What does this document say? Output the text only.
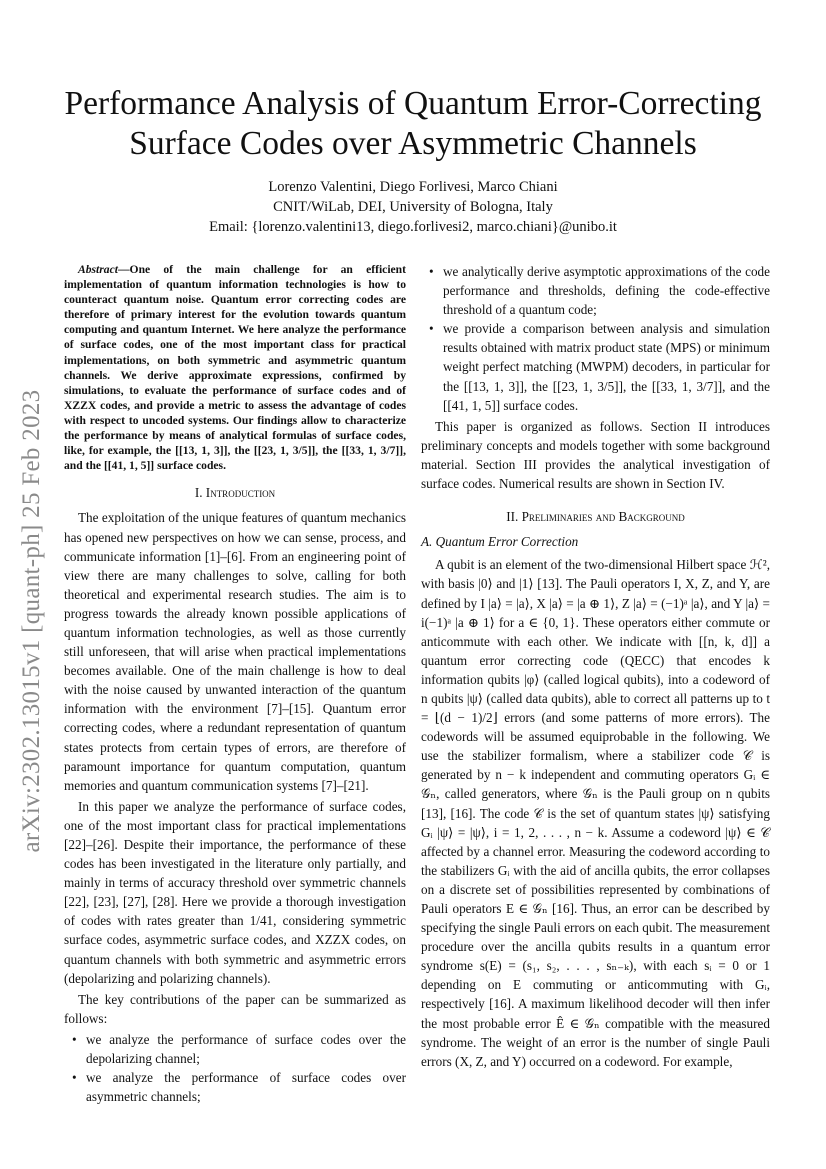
arXiv:2302.13015v1 [quant-ph] 25 Feb 2023
Performance Analysis of Quantum Error-Correcting
Surface Codes over Asymmetric Channels
Lorenzo Valentini, Diego Forlivesi, Marco Chiani
CNIT/WiLab, DEI, University of Bologna, Italy
Email: {lorenzo.valentini13, diego.forlivesi2, marco.chiani}@unibo.it
Abstract—One of the main challenge for an efficient implementation of quantum information technologies is how to counteract quantum noise. Quantum error correcting codes are therefore of primary interest for the evolution towards quantum computing and quantum Internet. We here analyze the performance of surface codes, one of the most important class for practical implementations, on both symmetric and asymmetric quantum channels. We derive approximate expressions, confirmed by simulations, to evaluate the performance of surface codes and of XZZX codes, and provide a metric to assess the advantage of codes with respect to uncoded systems. Our findings allow to characterize the performance by means of analytical formulas of surface codes, like, for example, the [[13, 1, 3]], the [[23, 1, 3/5]], the [[33, 1, 3/7]], and the [[41, 1, 5]] surface codes.
I. Introduction

The exploitation of the unique features of quantum mechanics has opened new perspectives on how we can sense, process, and communicate information [1]–[6]. From an engineering point of view there are many challenges to solve, calling for both theoretical and experimental research studies. The aim is to progress towards the already known possible applications of quantum information technologies, as well as those currently still unforeseen, that will arise when practical implementations becomes available. One of the main challenge is how to deal with the noise caused by unwanted interaction of the quantum information with the environment [7]–[15]. Quantum error correcting codes, where a redundant representation of quantum states protects from certain types of errors, are therefore of paramount importance for quantum computation, quantum memories and quantum communication systems [7]–[21].

In this paper we analyze the performance of surface codes, one of the most important class for practical implementations [22]–[26]. Despite their importance, the performance of these codes has been investigated in the literature only partially, and mainly in terms of accuracy threshold over symmetric channels [22], [23], [27], [28]. Here we provide a thorough investigation of codes with rates greater than 1/41, considering symmetric surface codes, asymmetric surface codes, and XZZX codes, on quantum channels with both symmetric and asymmetric errors (depolarizing and polarizing channels).

The key contributions of the paper can be summarized as follows:

• we analyze the performance of surface codes over the depolarizing channel;
• we analyze the performance of surface codes over asymmetric channels;
• we analytically derive asymptotic approximations of the code performance and thresholds, defining the code-effective threshold of a quantum code;
• we provide a comparison between analysis and simulation results obtained with matrix product state (MPS) or minimum weight perfect matching (MWPM) decoders, in particular for the [[13, 1, 3]], the [[23, 1, 3/5]], the [[33, 1, 3/7]], and the [[41, 1, 5]] surface codes.

This paper is organized as follows. Section II introduces preliminary concepts and models together with some background material. Section III provides the analytical investigation of surface codes. Numerical results are shown in Section IV.

II. Preliminaries and Background
A. Quantum Error Correction

A qubit is an element of the two-dimensional Hilbert space ℋ², with basis |0⟩ and |1⟩ [13]. The Pauli operators I, X, Z, and Y, are defined by I |a⟩ = |a⟩, X |a⟩ = |a ⊕ 1⟩, Z |a⟩ = (−1)ᵃ |a⟩, and Y |a⟩ = i(−1)ᵃ |a ⊕ 1⟩ for a ∈ {0, 1}. These operators either commute or anticommute with each other. We indicate with [[n, k, d]] a quantum error correcting code (QECC) that encodes k information qubits |φ⟩ (called logical qubits), into a codeword of n qubits |ψ⟩ (called data qubits), able to correct all patterns up to t = ⌊(d − 1)/2⌋ errors (and some patterns of more errors). The codewords will be assumed equiprobable in the following. We use the stabilizer formalism, where a stabilizer code 𝒞 is generated by n − k independent and commuting operators Gᵢ ∈ 𝒢ₙ, called generators, where 𝒢ₙ is the Pauli group on n qubits [13], [16]. The code 𝒞 is the set of quantum states |ψ⟩ satisfying Gᵢ |ψ⟩ = |ψ⟩, i = 1, 2, . . . , n − k. Assume a codeword |ψ⟩ ∈ 𝒞 affected by a channel error. Measuring the codeword according to the stabilizers Gᵢ with the aid of ancilla qubits, the error collapses on a discrete set of possibilities represented by combinations of Pauli operators E ∈ 𝒢ₙ [16]. Thus, an error can be described by specifying the single Pauli errors on each qubit. The measurement procedure over the ancilla qubits results in a quantum error syndrome s(E) = (s₁, s₂, . . . , sₙ₋ₖ), with each sᵢ = 0 or 1 depending on E commuting or anticommuting with Gᵢ, respectively [16]. A maximum likelihood decoder will then infer the most probable error Ê ∈ 𝒢ₙ compatible with the measured syndrome. The weight of an error is the number of single Pauli errors (X, Z, and Y) occurred on a codeword. For example,
